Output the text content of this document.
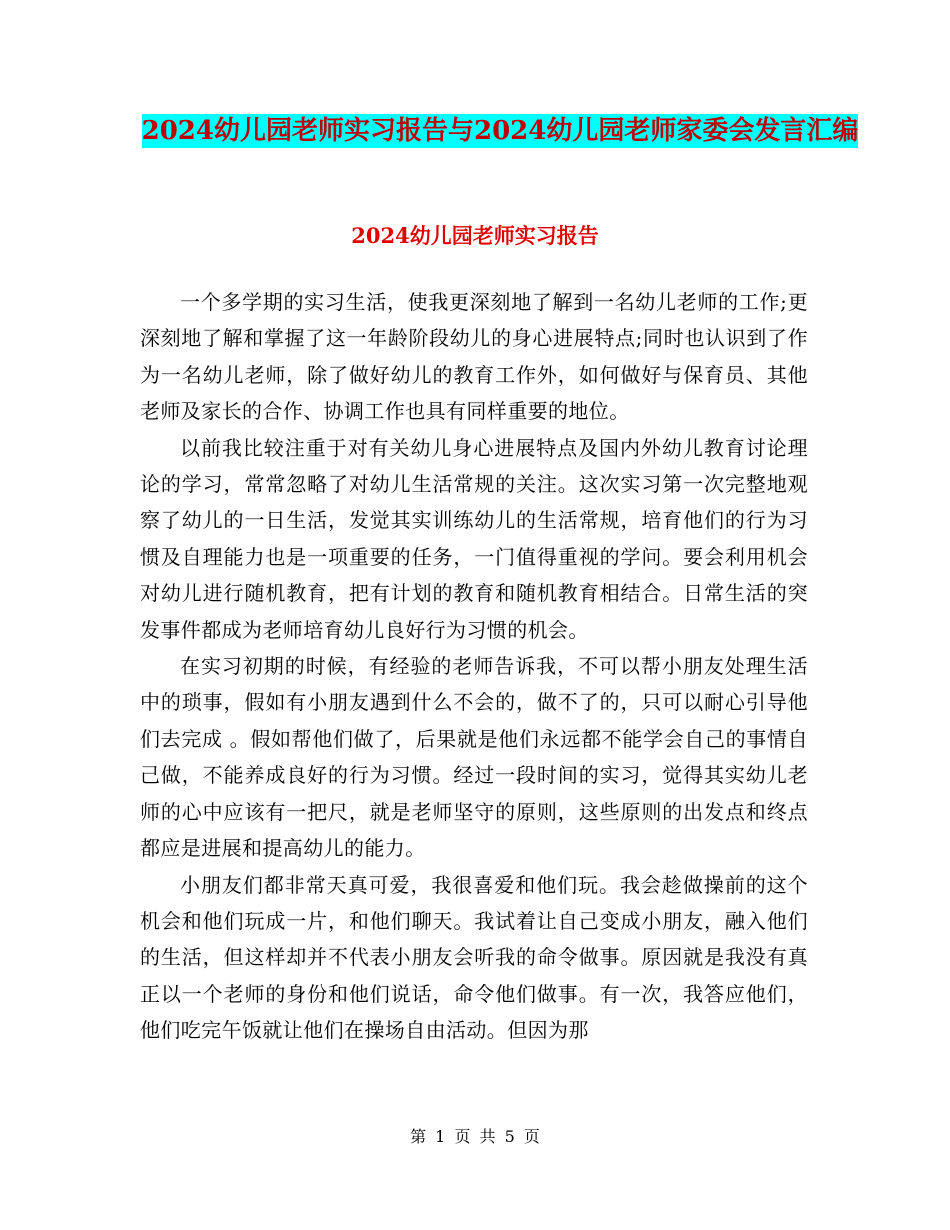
2024幼儿园老师实习报告与2024幼儿园老师家委会发言汇编
2024幼儿园老师实习报告

一个多学期的实习生活，使我更深刻地了解到一名幼儿老师的工作;更深刻地了解和掌握了这一年龄阶段幼儿的身心进展特点;同时也认识到了作为一名幼儿老师，除了做好幼儿的教育工作外，如何做好与保育员、其他老师及家长的合作、协调工作也具有同样重要的地位。

以前我比较注重于对有关幼儿身心进展特点及国内外幼儿教育讨论理论的学习，常常忽略了对幼儿生活常规的关注。这次实习第一次完整地观察了幼儿的一日生活，发觉其实训练幼儿的生活常规，培育他们的行为习惯及自理能力也是一项重要的任务，一门值得重视的学问。要会利用机会对幼儿进行随机教育，把有计划的教育和随机教育相结合。日常生活的突发事件都成为老师培育幼儿良好行为习惯的机会。

在实习初期的时候，有经验的老师告诉我，不可以帮小朋友处理生活中的琐事，假如有小朋友遇到什么不会的，做不了的，只可以耐心引导他们去完成 。假如帮他们做了，后果就是他们永远都不能学会自己的事情自己做，不能养成良好的行为习惯。经过一段时间的实习，觉得其实幼儿老师的心中应该有一把尺，就是老师坚守的原则，这些原则的出发点和终点都应是进展和提高幼儿的能力。

小朋友们都非常天真可爱，我很喜爱和他们玩。我会趁做操前的这个机会和他们玩成一片，和他们聊天。我试着让自己变成小朋友，融入他们的生活，但这样却并不代表小朋友会听我的命令做事。原因就是我没有真正以一个老师的身份和他们说话，命令他们做事。有一次，我答应他们，他们吃完午饭就让他们在操场自由活动。但因为那

第 1 页 共 5 页
